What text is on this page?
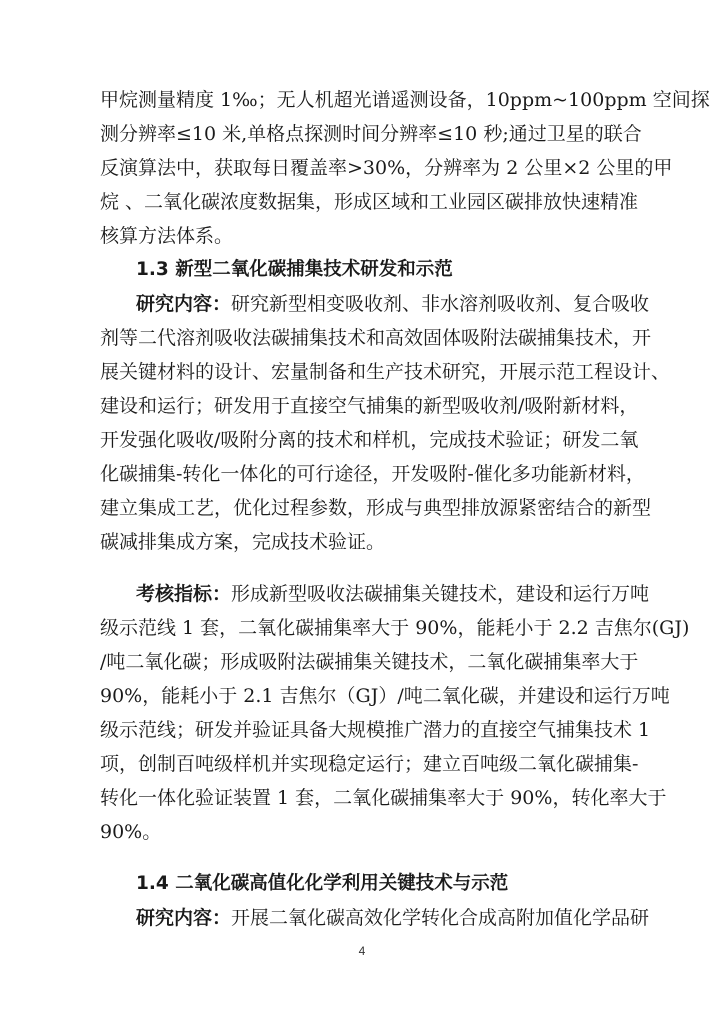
甲烷测量精度 1‰；无人机超光谱遥测设备，10ppm~100ppm 空间探
测分辨率≤10 米,单格点探测时间分辨率≤10 秒;通过卫星的联合
反演算法中，获取每日覆盖率>30%，分辨率为 2 公里×2 公里的甲
烷 、二氧化碳浓度数据集，形成区域和工业园区碳排放快速精准
核算方法体系。
1.3 新型二氧化碳捕集技术研发和示范
研究内容：研究新型相变吸收剂、非水溶剂吸收剂、复合吸收
剂等二代溶剂吸收法碳捕集技术和高效固体吸附法碳捕集技术，开
展关键材料的设计、宏量制备和生产技术研究，开展示范工程设计、
建设和运行；研发用于直接空气捕集的新型吸收剂/吸附新材料，
开发强化吸收/吸附分离的技术和样机，完成技术验证；研发二氧
化碳捕集-转化一体化的可行途径，开发吸附-催化多功能新材料，
建立集成工艺，优化过程参数，形成与典型排放源紧密结合的新型
碳减排集成方案，完成技术验证。
考核指标：形成新型吸收法碳捕集关键技术，建设和运行万吨
级示范线 1 套，二氧化碳捕集率大于 90%，能耗小于 2.2 吉焦尔(GJ)
/吨二氧化碳；形成吸附法碳捕集关键技术，二氧化碳捕集率大于
90%，能耗小于 2.1 吉焦尔（GJ）/吨二氧化碳，并建设和运行万吨
级示范线；研发并验证具备大规模推广潜力的直接空气捕集技术 1
项，创制百吨级样机并实现稳定运行；建立百吨级二氧化碳捕集-
转化一体化验证装置 1 套，二氧化碳捕集率大于 90%，转化率大于
90%。
1.4 二氧化碳高值化化学利用关键技术与示范
研究内容：开展二氧化碳高效化学转化合成高附加值化学品研
4
